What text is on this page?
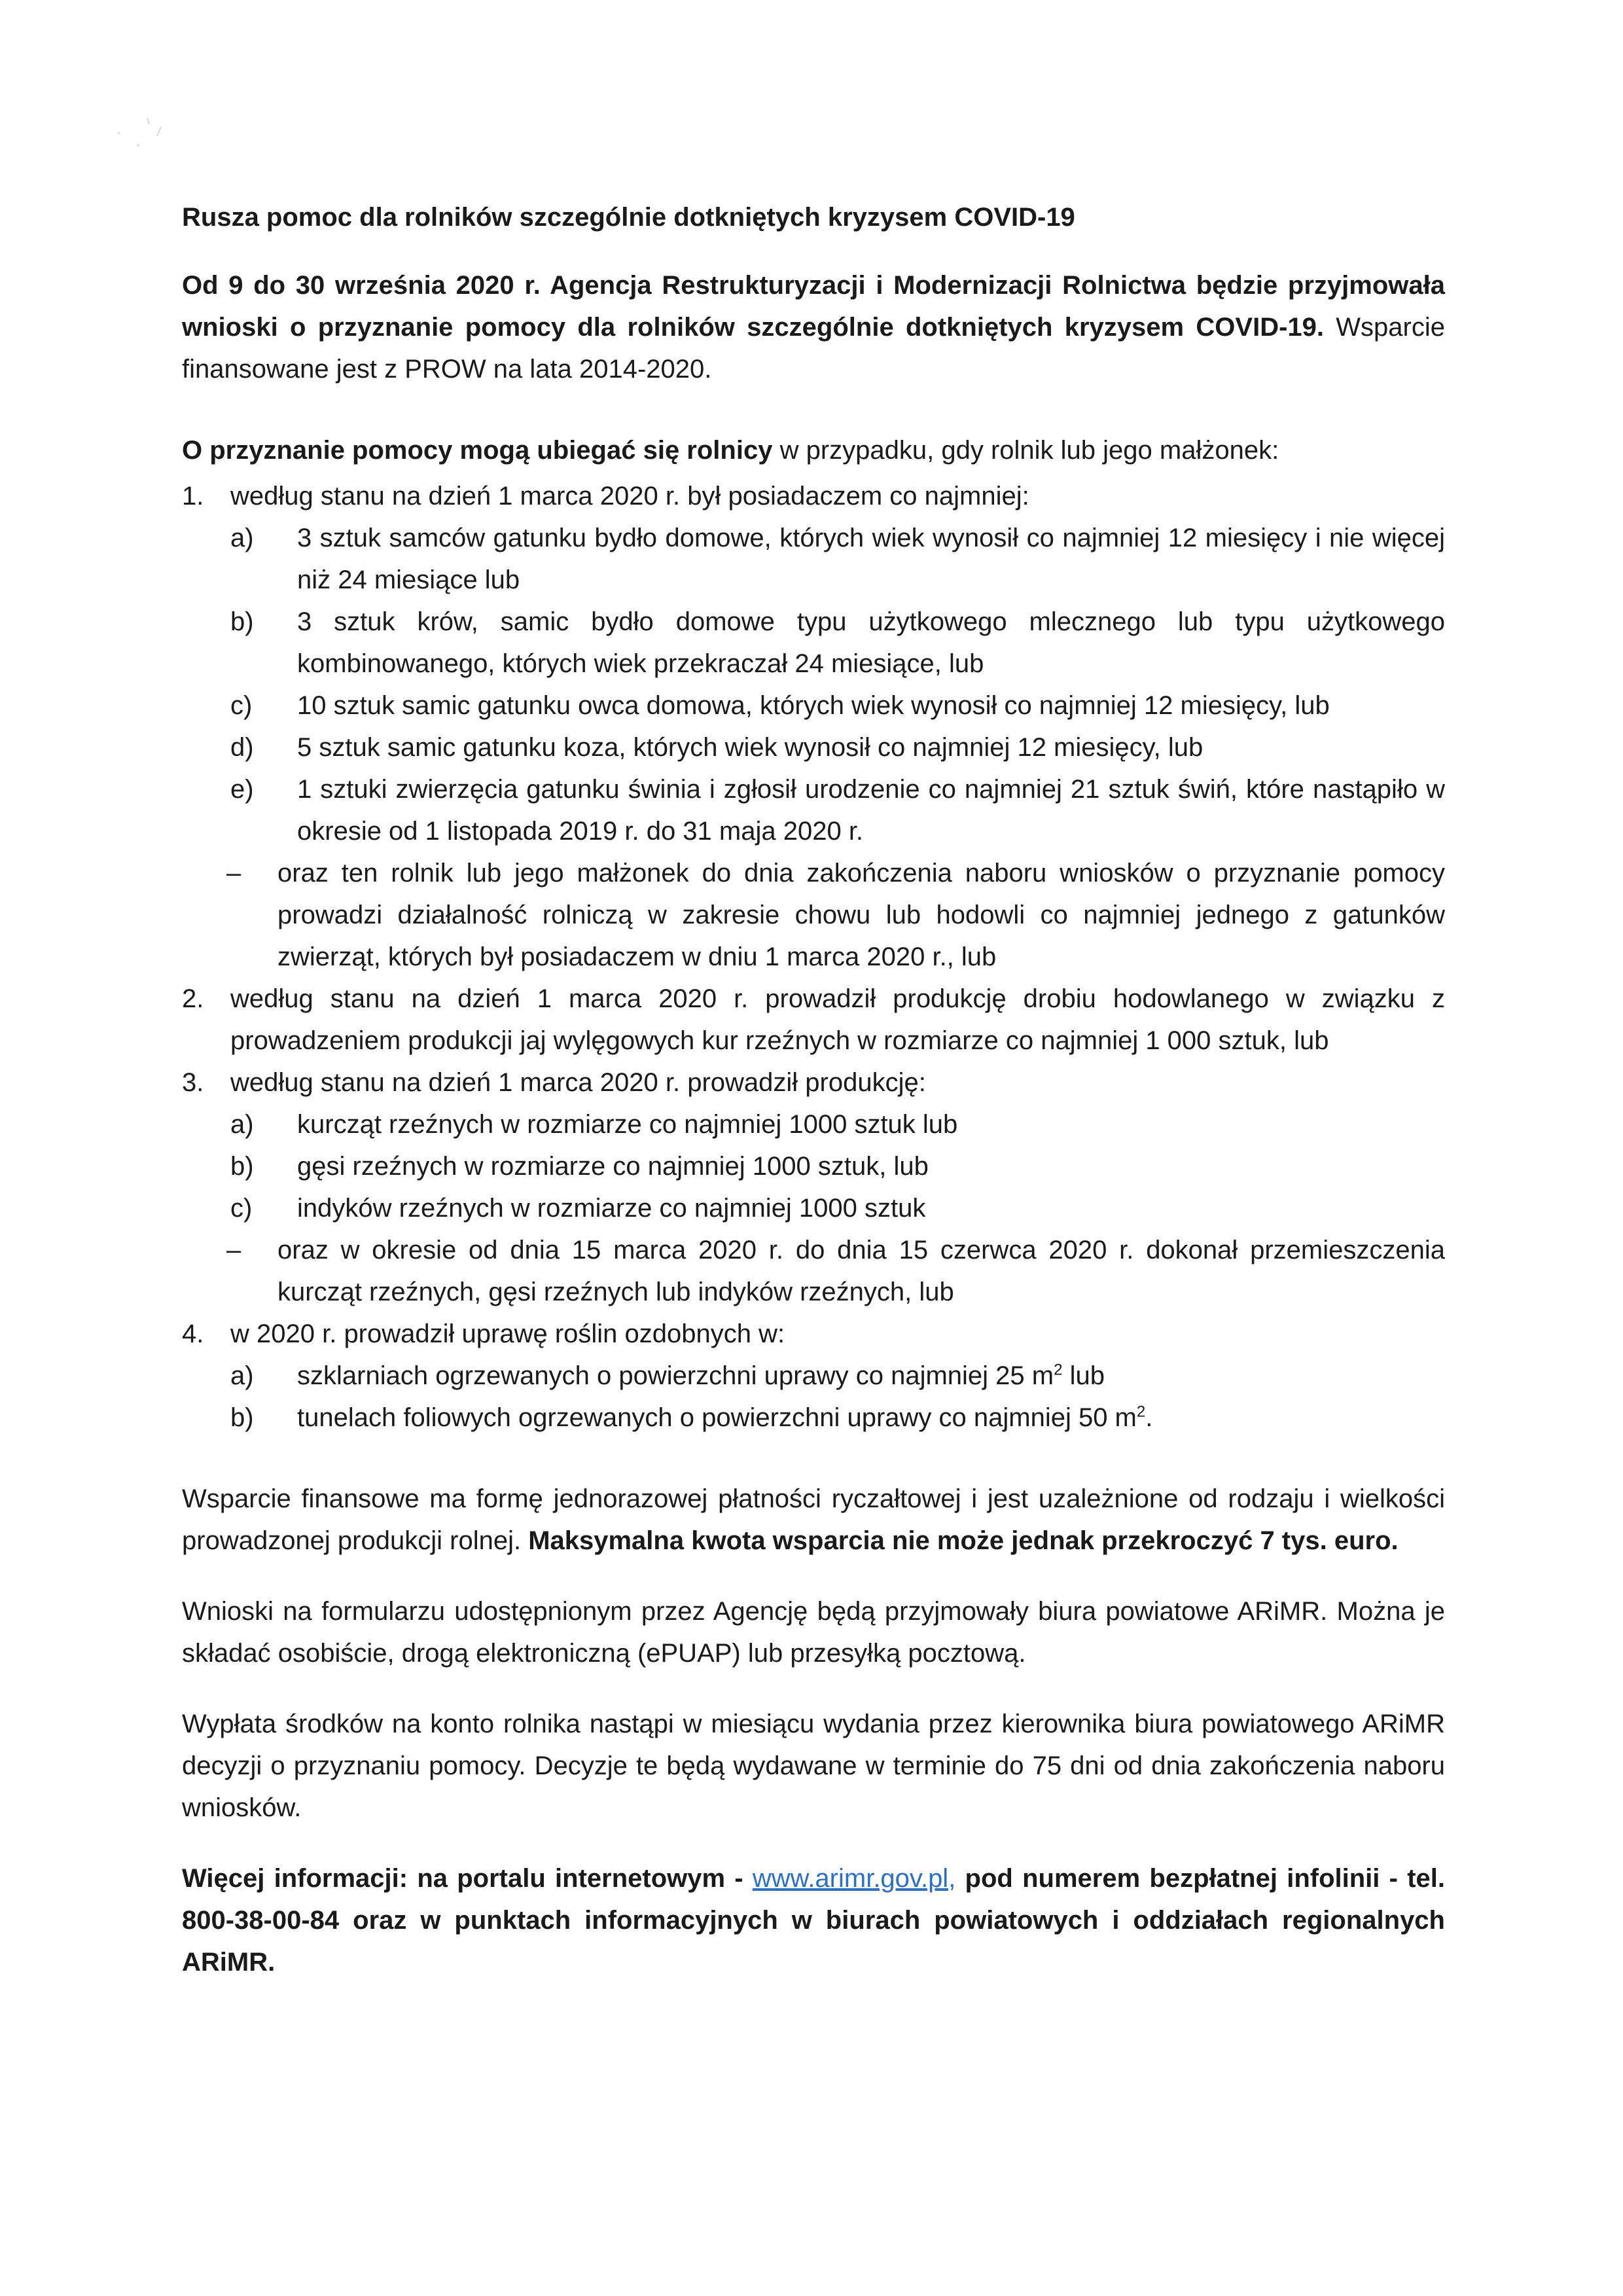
Rusza pomoc dla rolników szczególnie dotkniętych kryzysem COVID-19

Od 9 do 30 września 2020 r. Agencja Restrukturyzacji i Modernizacji Rolnictwa będzie przyjmowała wnioski o przyznanie pomocy dla rolników szczególnie dotkniętych kryzysem COVID-19. Wsparcie finansowane jest z PROW na lata 2014-2020.

O przyznanie pomocy mogą ubiegać się rolnicy w przypadku, gdy rolnik lub jego małżonek:

1. według stanu na dzień 1 marca 2020 r. był posiadaczem co najmniej:

a) 3 sztuk samców gatunku bydło domowe, których wiek wynosił co najmniej 12 miesięcy i nie więcej niż 24 miesiące lub

b) 3 sztuk krów, samic bydło domowe typu użytkowego mlecznego lub typu użytkowego kombinowanego, których wiek przekraczał 24 miesiące, lub

c) 10 sztuk samic gatunku owca domowa, których wiek wynosił co najmniej 12 miesięcy, lub

d) 5 sztuk samic gatunku koza, których wiek wynosił co najmniej 12 miesięcy, lub

e) 1 sztuki zwierzęcia gatunku świnia i zgłosił urodzenie co najmniej 21 sztuk świń, które nastąpiło w okresie od 1 listopada 2019 r. do 31 maja 2020 r.

– oraz ten rolnik lub jego małżonek do dnia zakończenia naboru wniosków o przyznanie pomocy prowadzi działalność rolniczą w zakresie chowu lub hodowli co najmniej jednego z gatunków zwierząt, których był posiadaczem w dniu 1 marca 2020 r., lub

2. według stanu na dzień 1 marca 2020 r. prowadził produkcję drobiu hodowlanego w związku z prowadzeniem produkcji jaj wylęgowych kur rzeźnych w rozmiarze co najmniej 1 000 sztuk, lub

3. według stanu na dzień 1 marca 2020 r. prowadził produkcję:

a) kurcząt rzeźnych w rozmiarze co najmniej 1000 sztuk lub

b) gęsi rzeźnych w rozmiarze co najmniej 1000 sztuk, lub

c) indyków rzeźnych w rozmiarze co najmniej 1000 sztuk

– oraz w okresie od dnia 15 marca 2020 r. do dnia 15 czerwca 2020 r. dokonał przemieszczenia kurcząt rzeźnych, gęsi rzeźnych lub indyków rzeźnych, lub

4. w 2020 r. prowadził uprawę roślin ozdobnych w:

a) szklarniach ogrzewanych o powierzchni uprawy co najmniej 25 $m^2$ lub

b) tunelach foliowych ogrzewanych o powierzchni uprawy co najmniej 50 $m^2$.

Wsparcie finansowe ma formę jednorazowej płatności ryczałtowej i jest uzależnione od rodzaju i wielkości prowadzonej produkcji rolnej. Maksymalna kwota wsparcia nie może jednak przekroczyć 7 tys. euro.

Wnioski na formularzu udostępnionym przez Agencję będą przyjmowały biura powiatowe ARiMR. Można je składać osobiście, drogą elektroniczną (ePUAP) lub przesyłką pocztową.

Wypłata środków na konto rolnika nastąpi w miesiącu wydania przez kierownika biura powiatowego ARiMR decyzji o przyznaniu pomocy. Decyzje te będą wydawane w terminie do 75 dni od dnia zakończenia naboru wniosków.

Więcej informacji: na portalu internetowym - www.arimr.gov.pl, pod numerem bezpłatnej infolinii - tel. 800-38-00-84 oraz w punktach informacyjnych w biurach powiatowych i oddziałach regionalnych ARiMR.
